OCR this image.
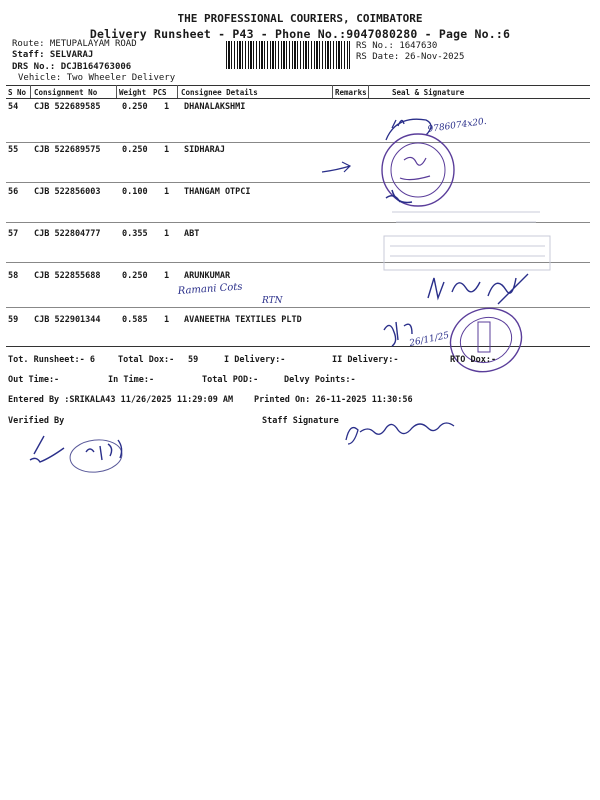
THE PROFESSIONAL COURIERS, COIMBATORE
Delivery Runsheet - P43 - Phone No.:9047080280 - Page No.:6
Route: METUPALAYAM ROAD
Staff: SELVARAJ
DRS No.: DCJB164763006
Vehicle: Two Wheeler Delivery
RS No.: 1647630
RS Date: 26-Nov-2025
S No Consignment No	Weight PCS Consignee Details	Remarks	Seal & Signature
54 CJB 522689585	0.250 1 DHANALAKSHMI
55 CJB 522689575	0.250 1 SIDHARAJ
56 CJB 522856003	0.100 1 THANGAM OTPCI
57 CJB 522804777	0.355 1 ABT
58 CJB 522855688	0.250 1 ARUNKUMAR
59 CJB 522901344	0.585 1 AVANEETHA TEXTILES PLTD
9786074x20.
Ramani Cots
RTN
26/11/25
Tot. Runsheet:- 6	Total Dox:- 59	I Delivery:-	II Delivery:-	RTO Dox:-
Out Time:-	In Time:-	Total POD:-	Delvy Points:-
Entered By :SRIKALA43 11/26/2025 11:29:09 AM Printed On: 26-11-2025 11:30:56
Verified By	Staff Signature
